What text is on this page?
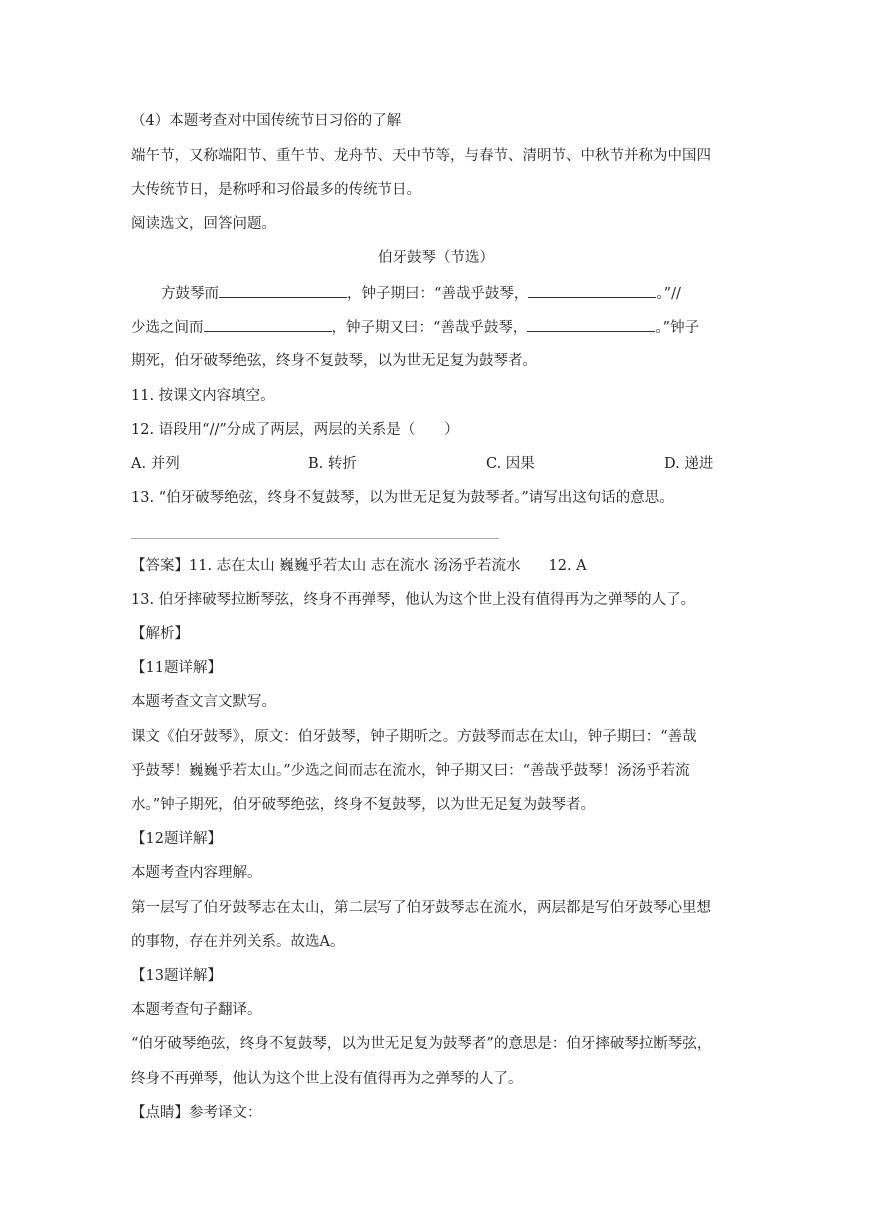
（4）本题考查对中国传统节日习俗的了解
端午节，又称端阳节、重午节、龙舟节、天中节等，与春节、清明节、中秋节并称为中国四
大传统节日，是称呼和习俗最多的传统节日。
阅读选文，回答问题。
伯牙鼓琴（节选）
方鼓琴而	，钟子期曰：“善哉乎鼓琴，	。”//
少选之间而	，钟子期又曰：“善哉乎鼓琴，	。”钟子
期死，伯牙破琴绝弦，终身不复鼓琴，以为世无足复为鼓琴者。
11. 按课文内容填空。
12. 语段用“//”分成了两层，两层的关系是（　　）
A. 并列	B. 转折	C. 因果	D. 递进
13. “伯牙破琴绝弦，终身不复鼓琴，以为世无足复为鼓琴者。”请写出这句话的意思。
【答案】11. 志在太山 巍巍乎若太山 志在流水 汤汤乎若流水 12. A
13. 伯牙摔破琴拉断琴弦，终身不再弹琴，他认为这个世上没有值得再为之弹琴的人了。
【解析】
【11题详解】
本题考查文言文默写。
课文《伯牙鼓琴》，原文：伯牙鼓琴，钟子期听之。方鼓琴而志在太山，钟子期曰：“善哉
乎鼓琴！巍巍乎若太山。”少选之间而志在流水，钟子期又曰：“善哉乎鼓琴！汤汤乎若流
水。”钟子期死，伯牙破琴绝弦，终身不复鼓琴，以为世无足复为鼓琴者。
【12题详解】
本题考查内容理解。
第一层写了伯牙鼓琴志在太山，第二层写了伯牙鼓琴志在流水，两层都是写伯牙鼓琴心里想
的事物，存在并列关系。故选A。
【13题详解】
本题考查句子翻译。
“伯牙破琴绝弦，终身不复鼓琴，以为世无足复为鼓琴者”的意思是：伯牙摔破琴拉断琴弦，
终身不再弹琴，他认为这个世上没有值得再为之弹琴的人了。
【点睛】参考译文：
